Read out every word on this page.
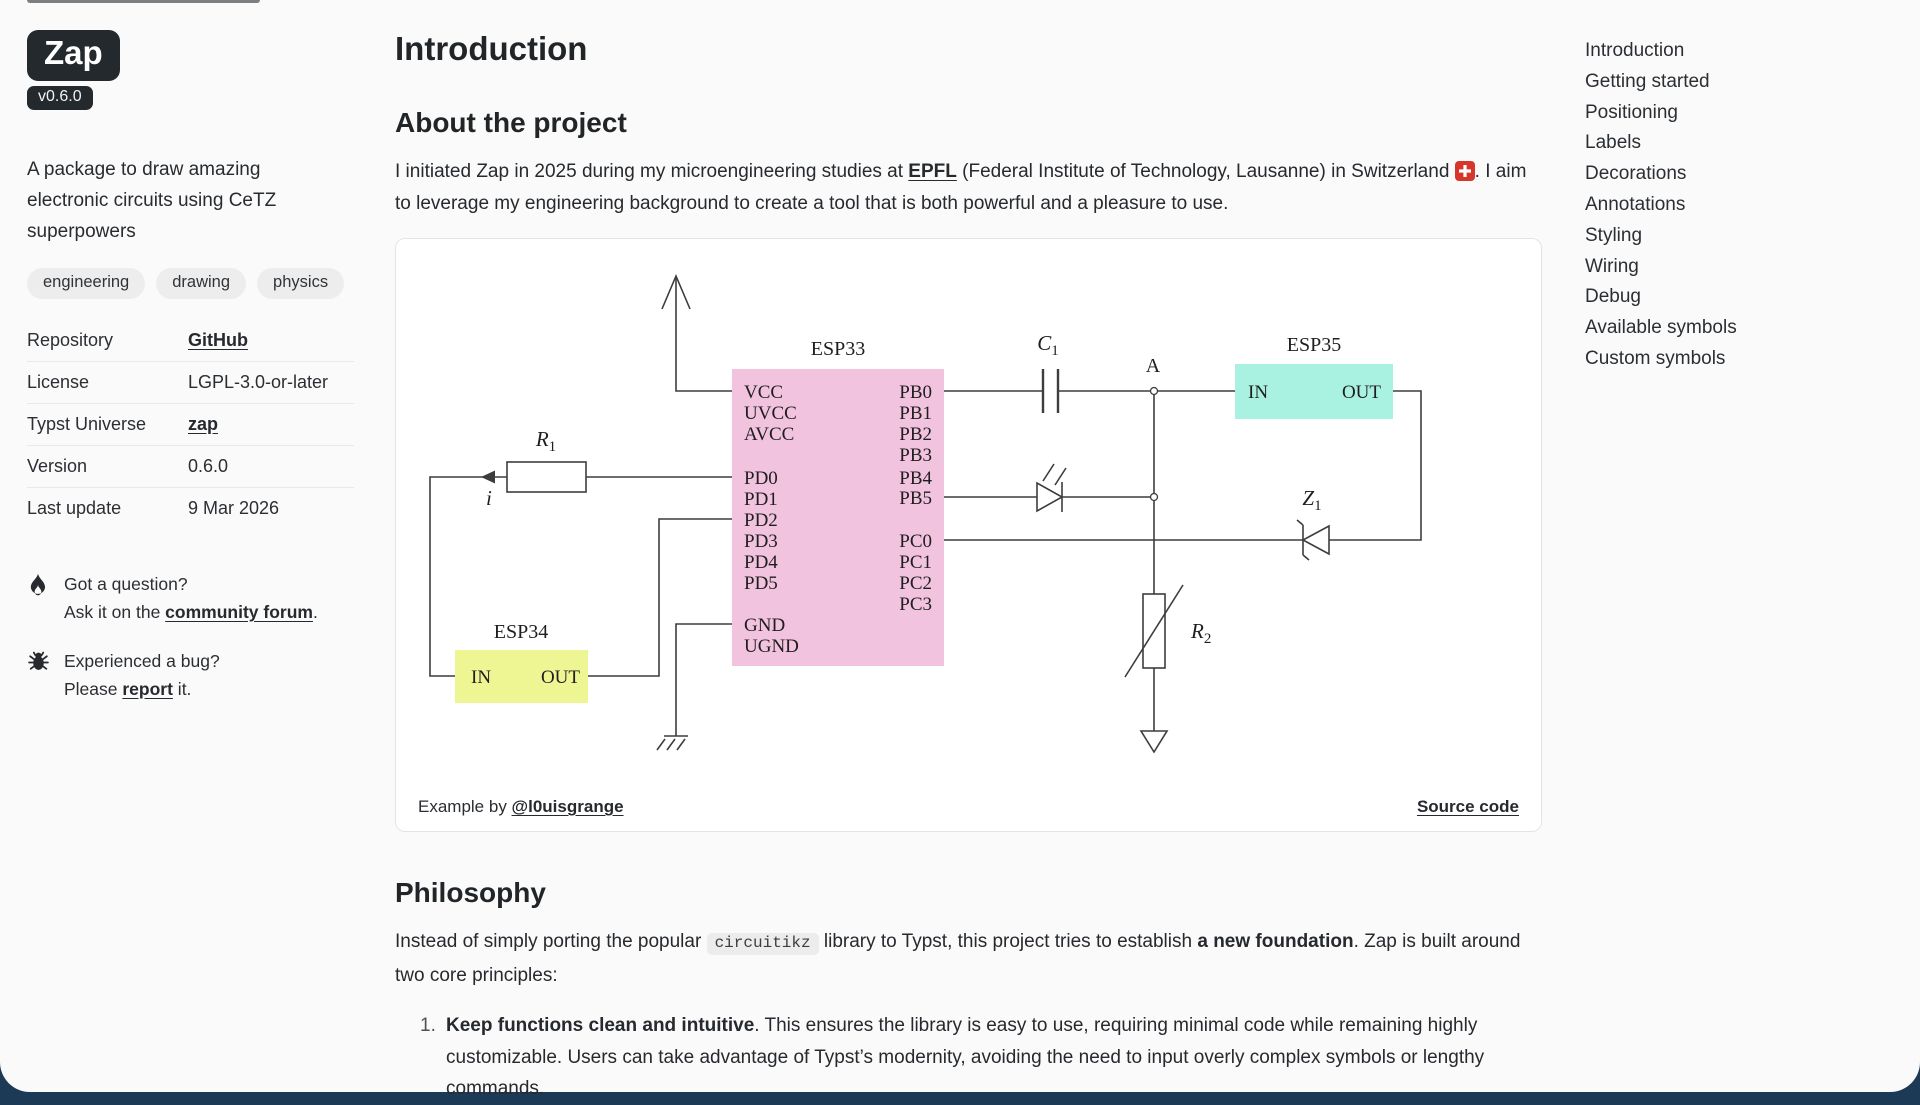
Zap
v0.6.0
A package to draw amazing electronic circuits using CeTZ superpowers
engineering	drawing	physics
Repository	GitHub
License	LGPL-3.0-or-later
Typst Universe	zap
Version	0.6.0
Last update	9 Mar 2026
Got a question?
Ask it on the community forum.
Experienced a bug?
Please report it.
Introduction
About the project

I initiated Zap in 2025 during my microengineering studies at EPFL (Federal Institute of Technology, Lausanne) in Switzerland . I aim to leverage my engineering background to create a tool that is both powerful and a pleasure to use.

ESP33
VCC
UVCC
AVCC
PD0
PD1
PD2
PD3
PD4
PD5
GND
UGND
PB0
PB1
PB2
PB3
PB4
PB5
PC0
PC1
PC2
PC3
$C_1$
A
ESP35
IN	OUT
$Z_1$
$R_2$
$R_1$
i
ESP34
IN	OUT
Example by @l0uisgrange	Source code
Philosophy

Instead of simply porting the popular circuitikz library to Typst, this project tries to establish a new foundation. Zap is built around two core principles:

1. Keep functions clean and intuitive. This ensures the library is easy to use, requiring minimal code while remaining highly customizable. Users can take advantage of Typst’s modernity, avoiding the need to input overly complex symbols or lengthy commands.
Introduction
Getting started
Positioning
Labels
Decorations
Annotations
Styling
Wiring
Debug
Available symbols
Custom symbols
